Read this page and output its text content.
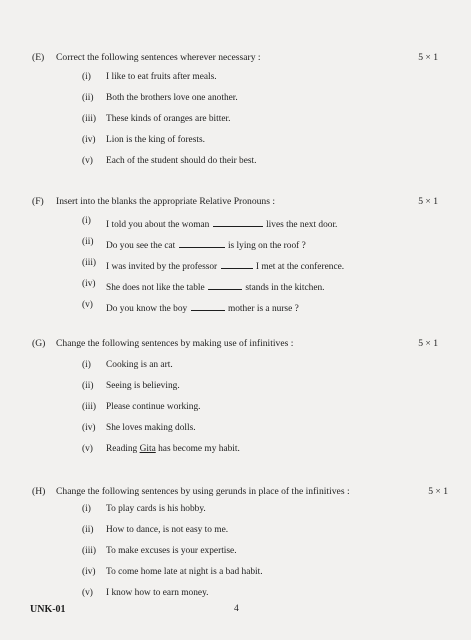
(E) Correct the following sentences wherever necessary :	5 × 1
(i) I like to eat fruits after meals.
(ii) Both the brothers love one another.
(iii) These kinds of oranges are bitter.
(iv) Lion is the king of forests.
(v) Each of the student should do their best.
(F) Insert into the blanks the appropriate Relative Pronouns :	5 × 1
(i) I told you about the woman	lives the next door.
(ii) Do you see the cat	is lying on the roof ?
(iii) I was invited by the professor	I met at the conference.
(iv) She does not like the table	stands in the kitchen.
(v) Do you know the boy	mother is a nurse ?
(G) Change the following sentences by making use of infinitives :	5 × 1
(i) Cooking is an art.
(ii) Seeing is believing.
(iii) Please continue working.
(iv) She loves making dolls.
(v) Reading Gita has become my habit.
(H) Change the following sentences by using gerunds in place of the infinitives :	5 × 1
(i) To play cards is his hobby.
(ii) How to dance, is not easy to me.
(iii) To make excuses is your expertise.
(iv) To come home late at night is a bad habit.
(v) I know how to earn money.
UNK-01	4
